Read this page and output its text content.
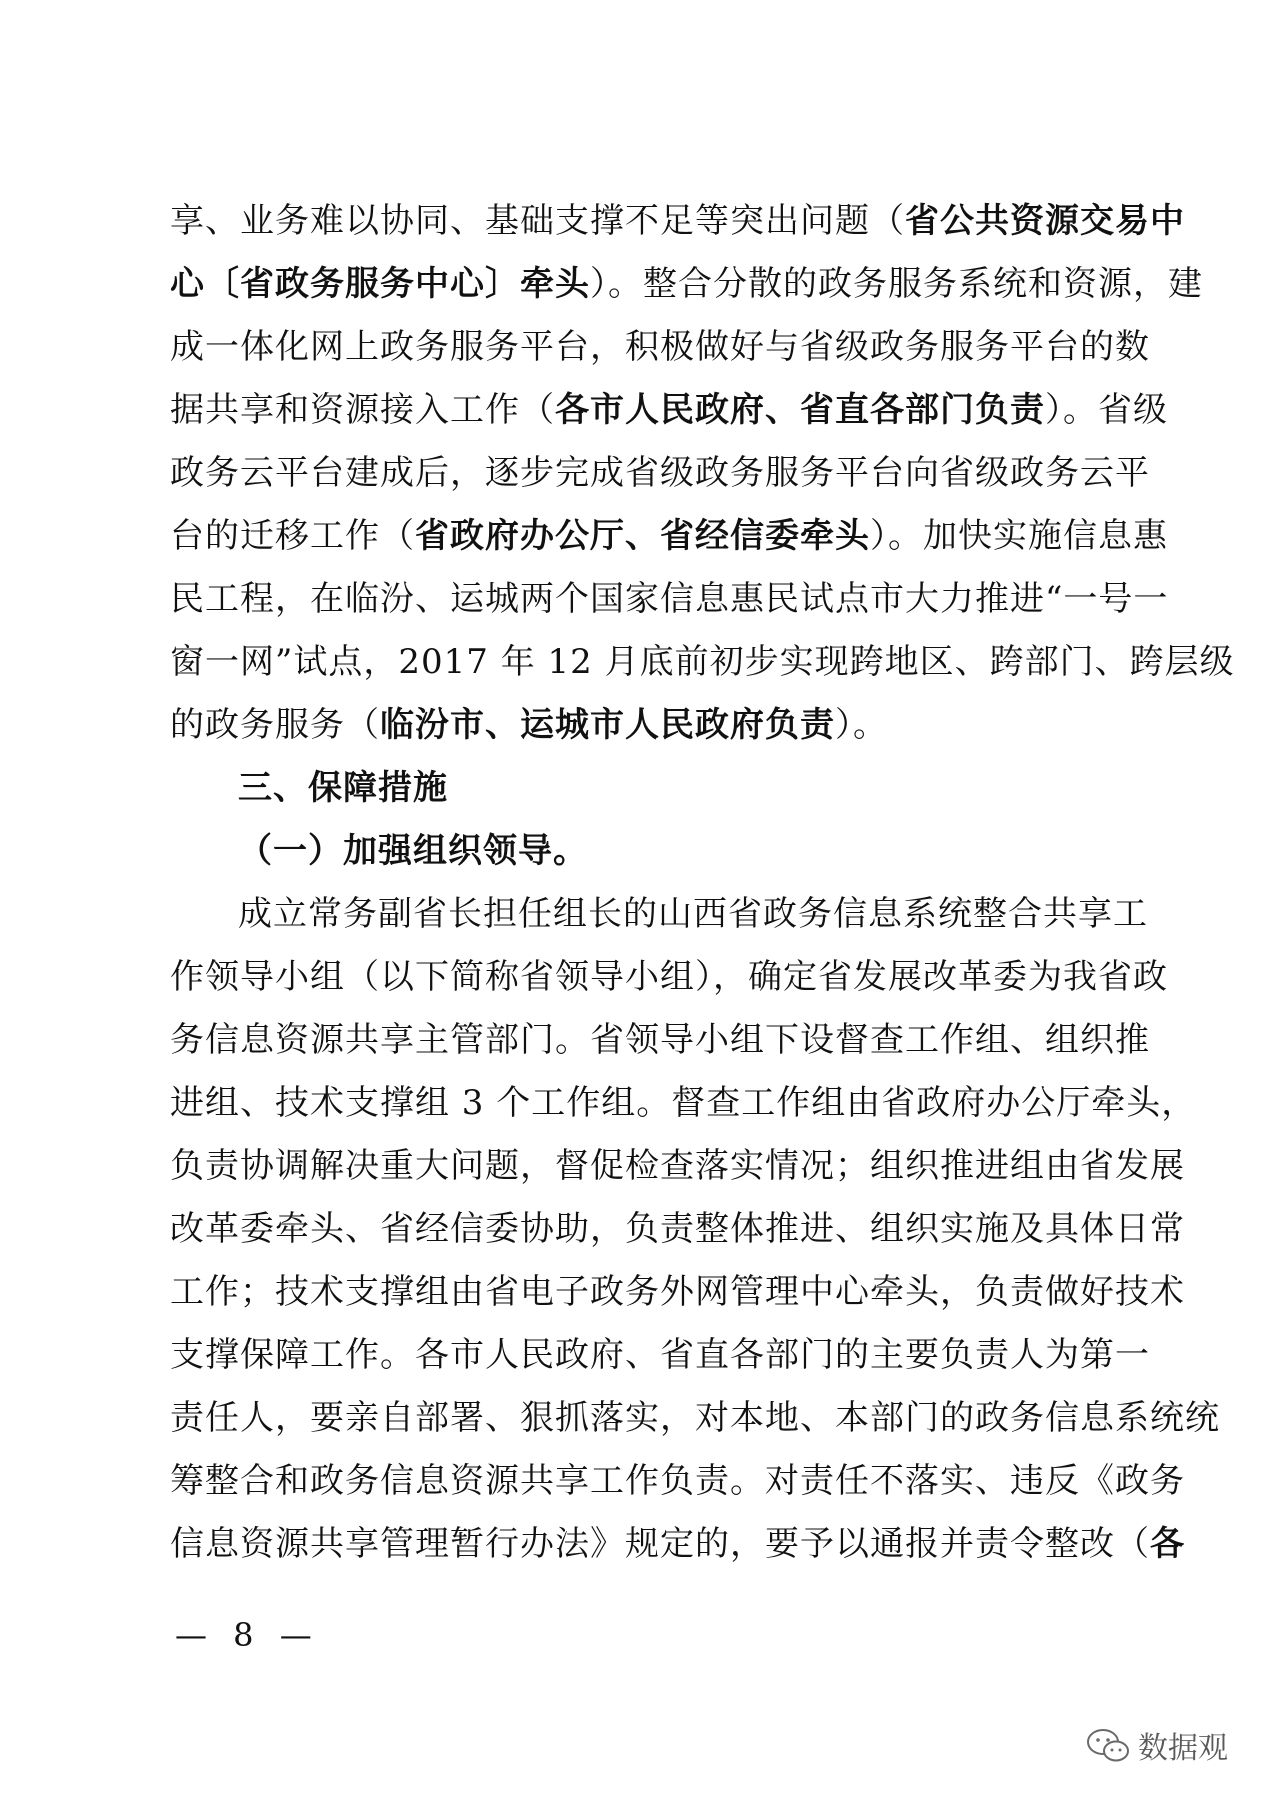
享、业务难以协同、基础支撑不足等突出问题（省公共资源交易中
心〔省政务服务中心〕牵头）。整合分散的政务服务系统和资源，建
成一体化网上政务服务平台，积极做好与省级政务服务平台的数
据共享和资源接入工作（各市人民政府、省直各部门负责）。省级
政务云平台建成后，逐步完成省级政务服务平台向省级政务云平
台的迁移工作（省政府办公厅、省经信委牵头）。加快实施信息惠
民工程，在临汾、运城两个国家信息惠民试点市大力推进“一号一
窗一网”试点，2017 年 12 月底前初步实现跨地区、跨部门、跨层级
的政务服务（临汾市、运城市人民政府负责）。
三、保障措施
（一）加强组织领导。
成立常务副省长担任组长的山西省政务信息系统整合共享工
作领导小组（以下简称省领导小组），确定省发展改革委为我省政
务信息资源共享主管部门。省领导小组下设督查工作组、组织推
进组、技术支撑组 3 个工作组。督查工作组由省政府办公厅牵头，
负责协调解决重大问题，督促检查落实情况；组织推进组由省发展
改革委牵头、省经信委协助，负责整体推进、组织实施及具体日常
工作；技术支撑组由省电子政务外网管理中心牵头，负责做好技术
支撑保障工作。各市人民政府、省直各部门的主要负责人为第一
责任人，要亲自部署、狠抓落实，对本地、本部门的政务信息系统统
筹整合和政务信息资源共享工作负责。对责任不落实、违反《政务
信息资源共享管理暂行办法》规定的，要予以通报并责令整改（各
— 8 —
数据观
